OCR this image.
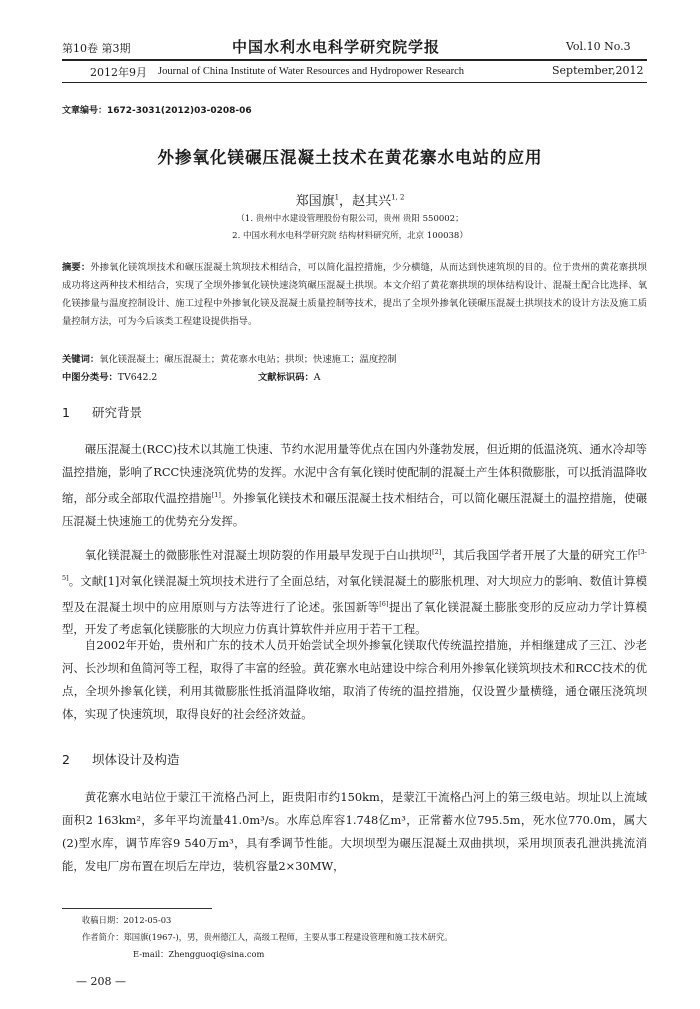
第10卷 第3期	中国水利水电科学研究院学报	Vol.10 No.3
2012年9月 Journal of China Institute of Water Resources and Hydropower Research	September,2012
文章编号：1672-3031(2012)03-0208-06
外掺氧化镁碾压混凝土技术在黄花寨水电站的应用
郑国旗$^1$，赵其兴$^{1, 2}$
（1. 贵州中水建设管理股份有限公司，贵州 贵阳 550002；
2. 中国水利水电科学研究院 结构材料研究所，北京 100038）
摘要：外掺氧化镁筑坝技术和碾压混凝土筑坝技术相结合，可以简化温控措施，少分横缝，从而达到快速筑坝的目的。位于贵州的黄花寨拱坝成功将这两种技术相结合，实现了全坝外掺氧化镁快速浇筑碾压混凝土拱坝。本文介绍了黄花寨拱坝的坝体结构设计、混凝土配合比选择、氧化镁掺量与温度控制设计、施工过程中外掺氧化镁及混凝土质量控制等技术，提出了全坝外掺氧化镁碾压混凝土拱坝技术的设计方法及施工质量控制方法，可为今后该类工程建设提供指导。
关键词：氧化镁混凝土；碾压混凝土；黄花寨水电站；拱坝；快速施工；温度控制
中图分类号：TV642.2	文献标识码：A
1 研究背景

碾压混凝土(RCC)技术以其施工快速、节约水泥用量等优点在国内外蓬勃发展，但近期的低温浇筑、通水冷却等温控措施，影响了RCC快速浇筑优势的发挥。水泥中含有氧化镁时使配制的混凝土产生体积微膨胀，可以抵消温降收缩，部分或全部取代温控措施[1]。外掺氧化镁技术和碾压混凝土技术相结合，可以简化碾压混凝土的温控措施，使碾压混凝土快速施工的优势充分发挥。

氧化镁混凝土的微膨胀性对混凝土坝防裂的作用最早发现于白山拱坝[2]，其后我国学者开展了大量的研究工作[3-5]。文献[1]对氧化镁混凝土筑坝技术进行了全面总结，对氧化镁混凝土的膨胀机理、对大坝应力的影响、数值计算模型及在混凝土坝中的应用原则与方法等进行了论述。张国新等[6]提出了氧化镁混凝土膨胀变形的反应动力学计算模型，开发了考虑氧化镁膨胀的大坝应力仿真计算软件并应用于若干工程。

自2002年开始，贵州和广东的技术人员开始尝试全坝外掺氧化镁取代传统温控措施，并相继建成了三江、沙老河、长沙坝和鱼简河等工程，取得了丰富的经验。黄花寨水电站建设中综合利用外掺氧化镁筑坝技术和RCC技术的优点，全坝外掺氧化镁，利用其微膨胀性抵消温降收缩，取消了传统的温控措施，仅设置少量横缝，通仓碾压浇筑坝体，实现了快速筑坝，取得良好的社会经济效益。

2 坝体设计及构造

黄花寨水电站位于蒙江干流格凸河上，距贵阳市约150km，是蒙江干流格凸河上的第三级电站。坝址以上流域面积2 163km²，多年平均流量41.0m³/s。水库总库容1.748亿m³，正常蓄水位795.5m，死水位770.0m，属大(2)型水库，调节库容9 540万m³，具有季调节性能。大坝坝型为碾压混凝土双曲拱坝，采用坝顶表孔泄洪挑流消能，发电厂房布置在坝后左岸边，装机容量2×30MW，

收稿日期：2012-05-03
作者简介：郑国旗(1967-)，男，贵州德江人，高级工程师，主要从事工程建设管理和施工技术研究。
E-mail：Zhengguoqi@sina.com
— 208 —
